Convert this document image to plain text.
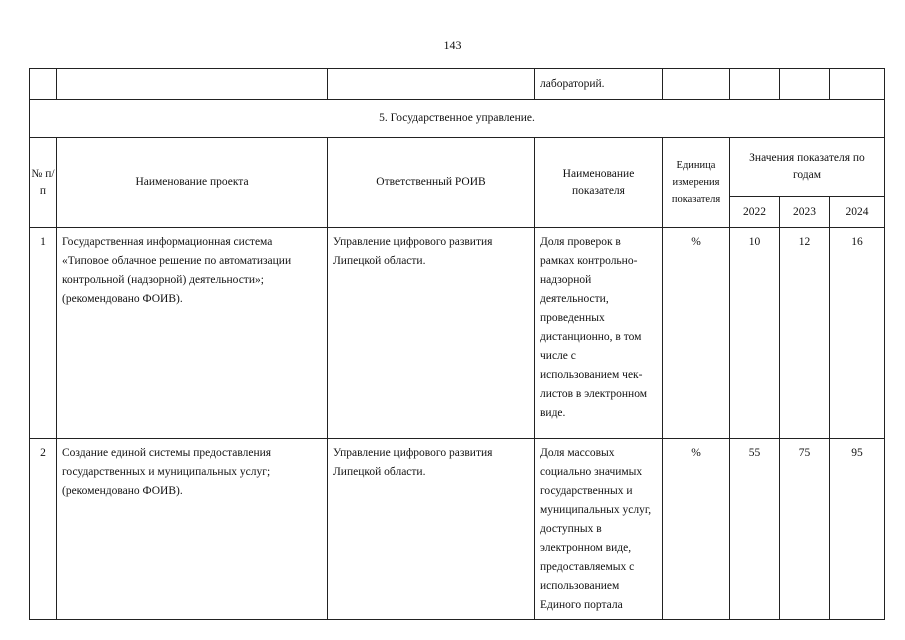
143
			лабораторий.				
5. Государственное управление.							
№ п/п	Наименование проекта	Ответственный РОИВ	Наименование показателя	Единица измерения показателя	Значения показателя по годам		
					2022	2023	2024
1	Государственная информационная система «Типовое облачное решение по автоматизации контрольной (надзорной) деятельности»; (рекомендовано ФОИВ).	Управление цифрового развития Липецкой области.	Доля проверок в рамках контрольно-надзорной деятельности, проведенных дистанционно, в том числе с использованием чек-листов в электронном виде.	%	10	12	16
2	Создание единой системы предоставления государственных и муниципальных услуг; (рекомендовано ФОИВ).	Управление цифрового развития Липецкой области.	Доля массовых социально значимых государственных и муниципальных услуг, доступных в электронном виде, предоставляемых с использованием Единого портала	%	55	75	95
